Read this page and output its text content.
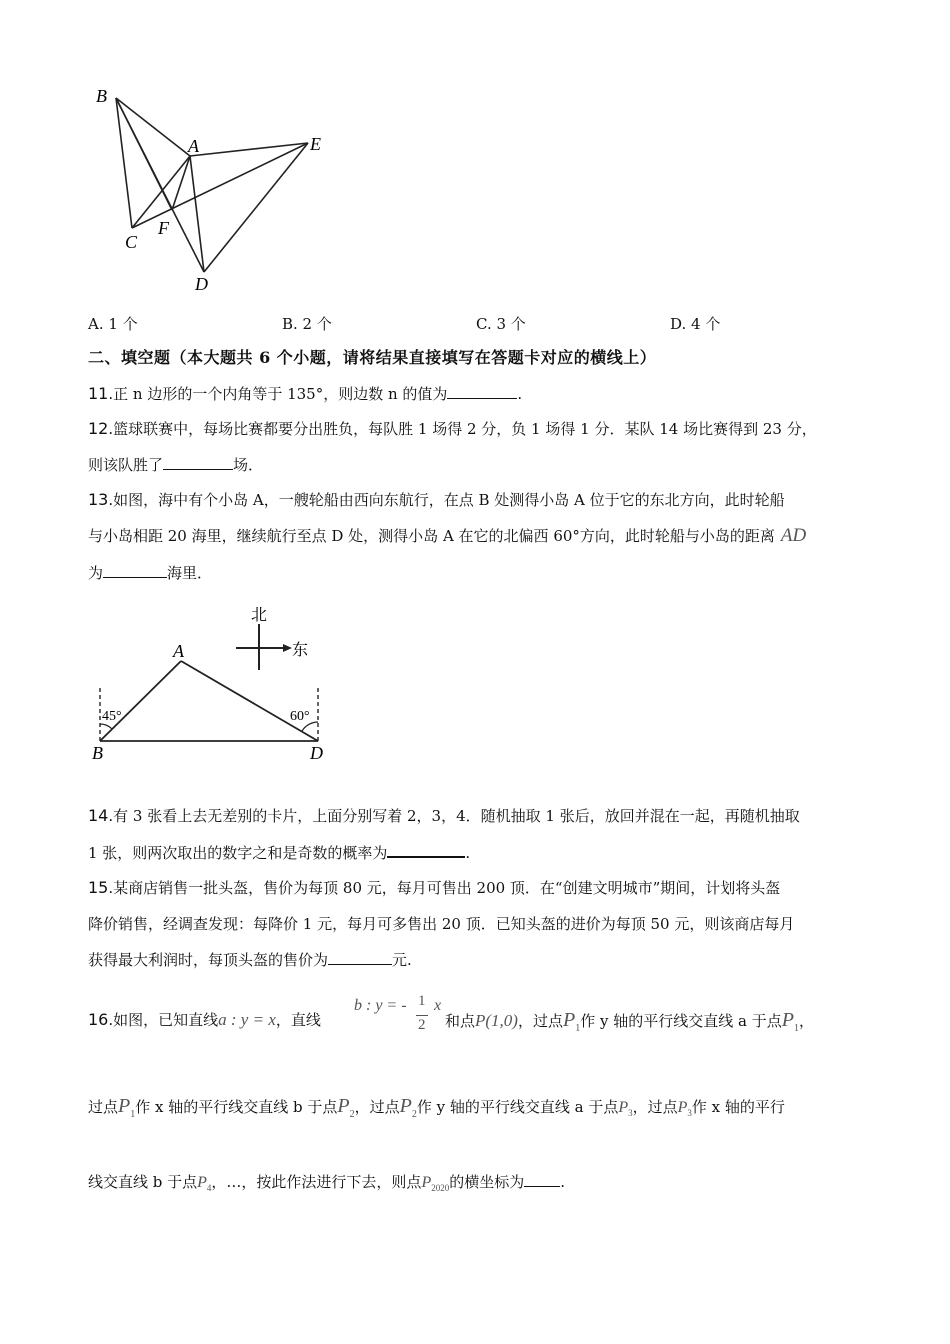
B
A	E
C
F
D
A. 1 个	B. 2 个	C. 3 个	D. 4 个
二、填空题（本大题共 6 个小题，请将结果直接填写在答题卡对应的横线上）
11.正 n 边形的一个内角等于 135°，则边数 n 的值为	.
12.篮球联赛中，每场比赛都要分出胜负，每队胜 1 场得 2 分，负 1 场得 1 分．某队 14 场比赛得到 23 分，
则该队胜了	场．
13.如图，海中有个小岛 A，一艘轮船由西向东航行，在点 B 处测得小岛 A 位于它的东北方向，此时轮船
与小岛相距 20 海里，继续航行至点 D 处，测得小岛 A 在它的北偏西 60°方向，此时轮船与小岛的距离 AD
为	海里．
北
东
45°	60°
A
B	D
14.有 3 张看上去无差别的卡片，上面分别写着 2，3，4．随机抽取 1 张后，放回并混在一起，再随机抽取
1 张，则两次取出的数字之和是奇数的概率为	.
15.某商店销售一批头盔，售价为每顶 80 元，每月可售出 200 顶．在“创建文明城市”期间，计划将头盔
降价销售，经调查发现：每降价 1 元，每月可多售出 20 顶．已知头盔的进价为每顶 50 元，则该商店每月
获得最大利润时，每顶头盔的售价为	元.
16.如图，已知直线a : y = x，直线
b : y = - 1
2
x
和点P(1,0)，过点$P_1$作 y 轴的平行线交直线 a 于点$P_1$，
过点$P_1$作 x 轴的平行线交直线 b 于点$P_2$，过点$P_2$作 y 轴的平行线交直线 a 于点$P_3$，过点$P_3$作 x 轴的平行
线交直线 b 于点$P_4$，…，按此作法进行下去，则点$P_{2020}$的横坐标为 .
